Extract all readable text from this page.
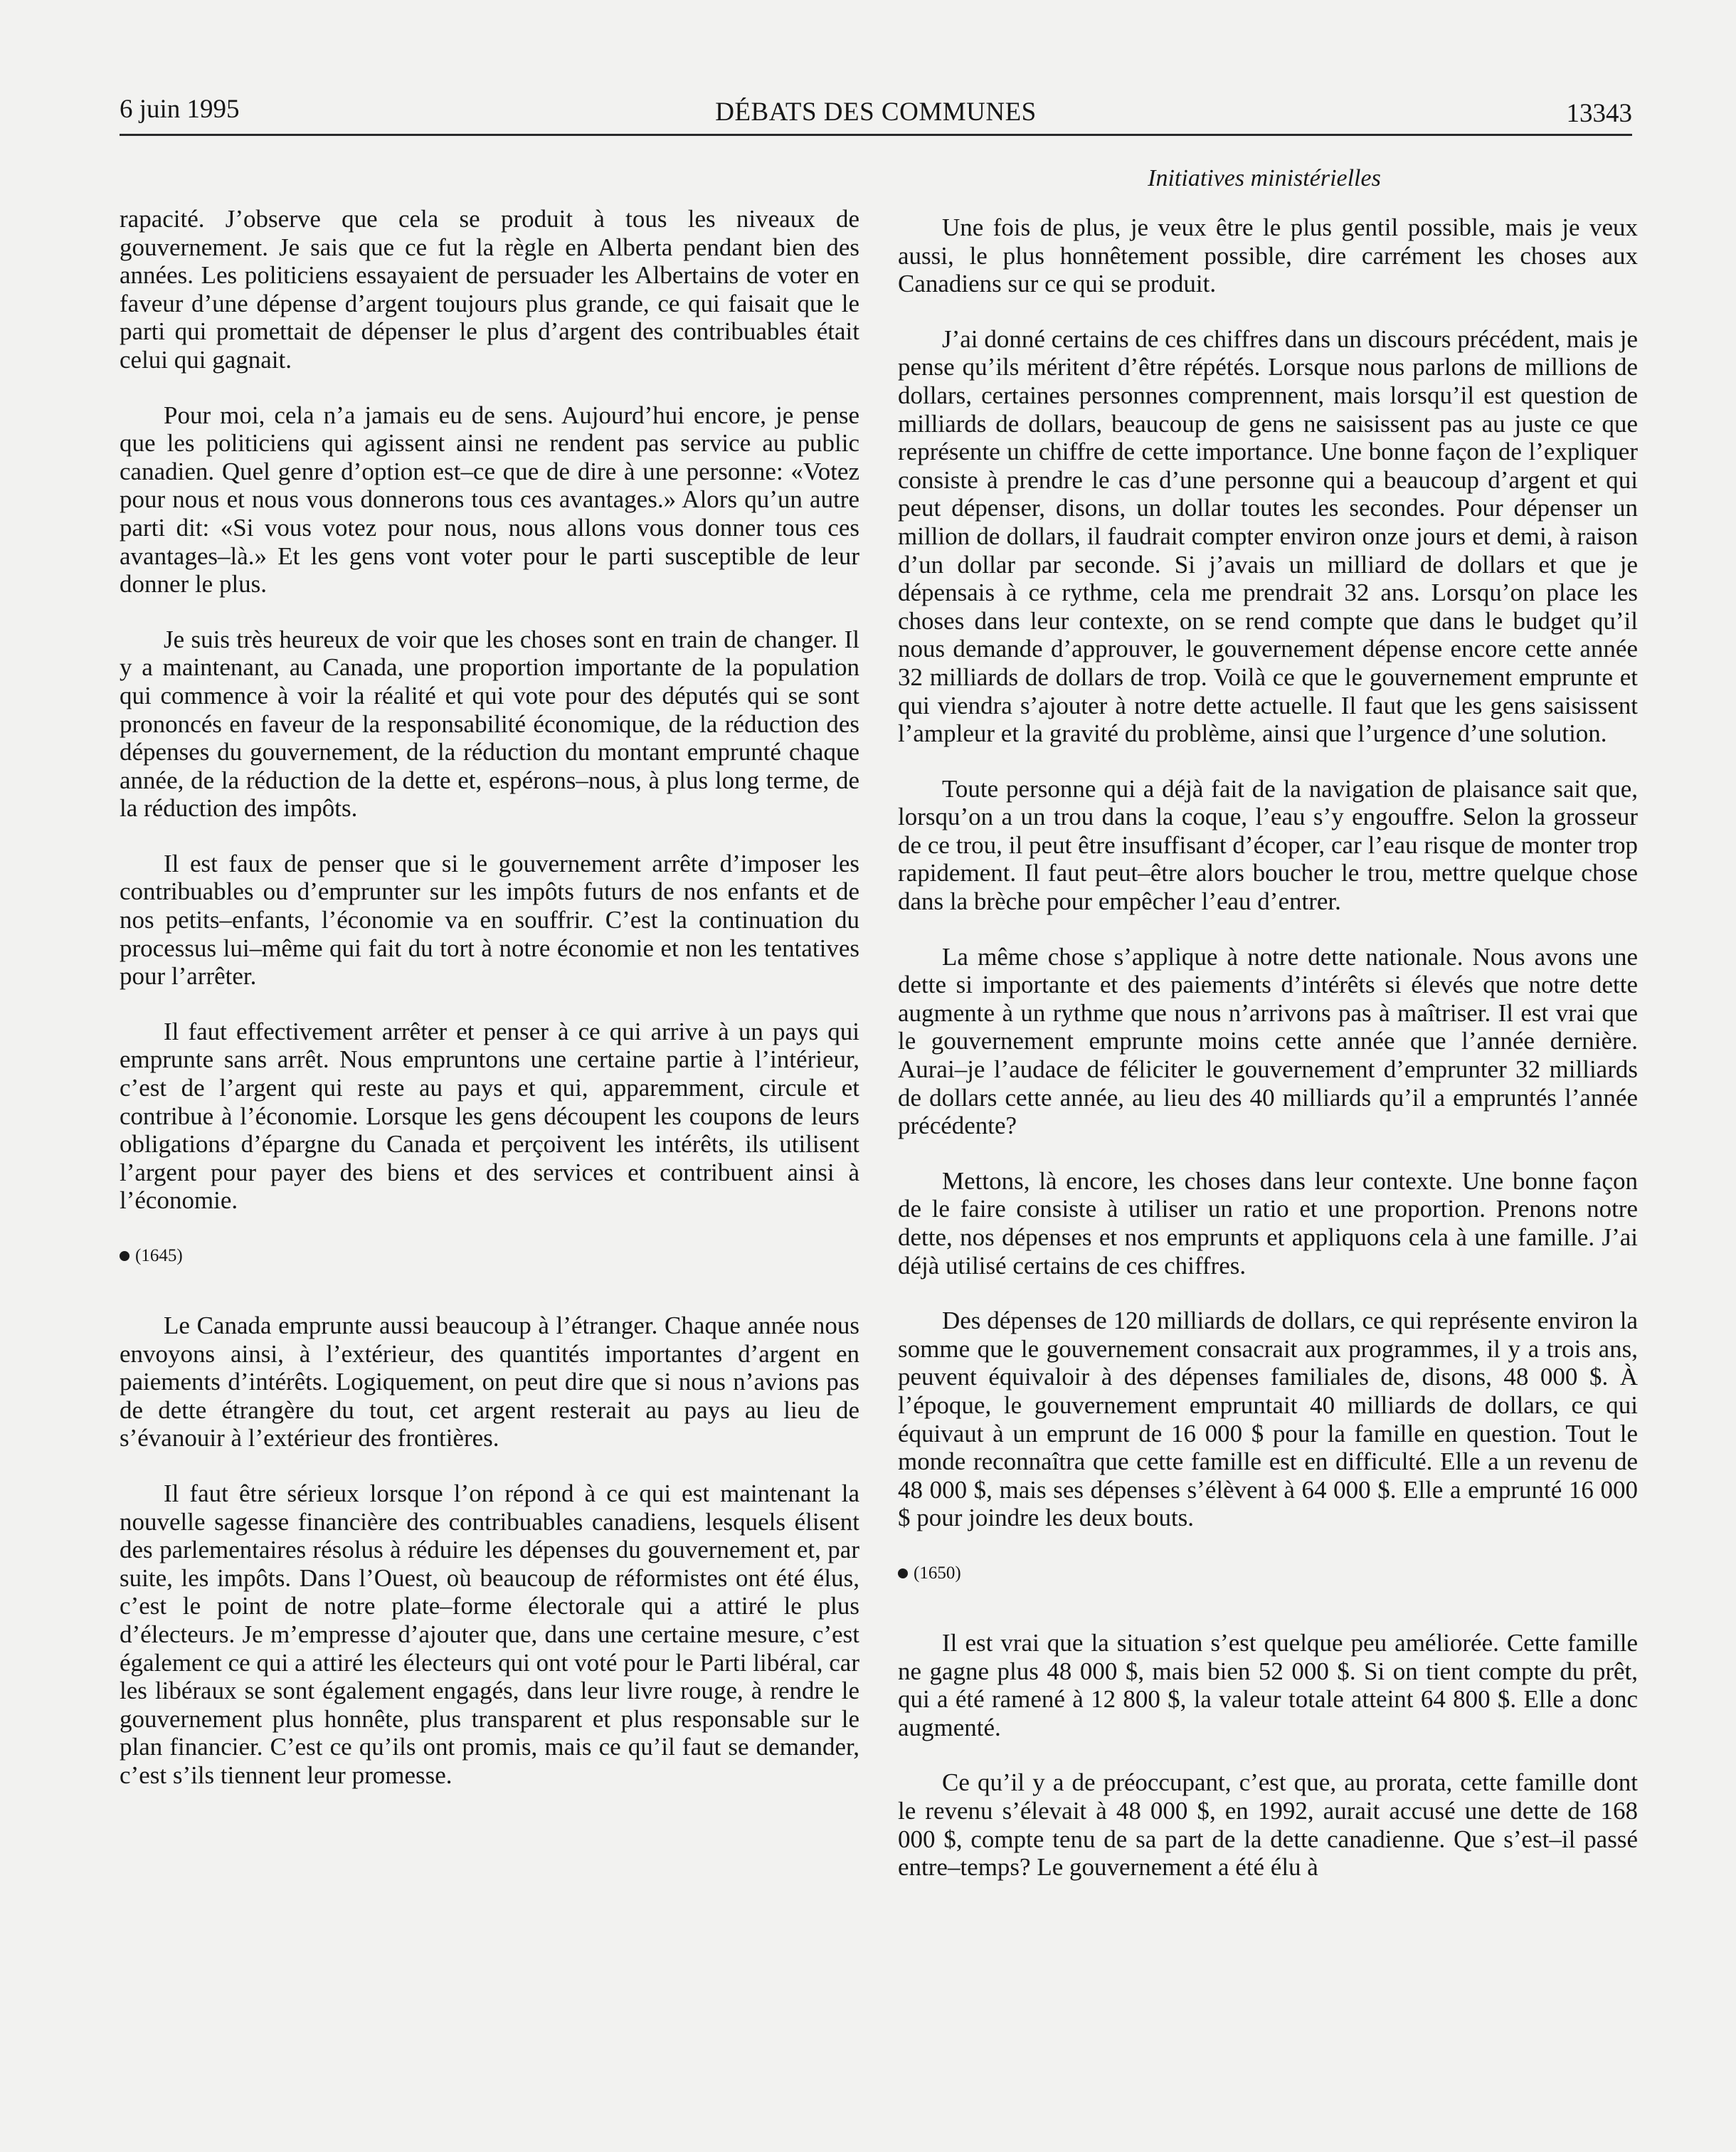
6 juin 1995	DÉBATS DES COMMUNES	13343
Initiatives ministérielles

rapacité. J’observe que cela se produit à tous les niveaux de gouvernement. Je sais que ce fut la règle en Alberta pendant bien des années. Les politiciens essayaient de persuader les Albertains de voter en faveur d’une dépense d’argent toujours plus grande, ce qui faisait que le parti qui promettait de dépenser le plus d’argent des contribuables était celui qui gagnait.

Pour moi, cela n’a jamais eu de sens. Aujourd’hui encore, je pense que les politiciens qui agissent ainsi ne rendent pas service au public canadien. Quel genre d’option est–ce que de dire à une personne: «Votez pour nous et nous vous donnerons tous ces avantages.» Alors qu’un autre parti dit: «Si vous votez pour nous, nous allons vous donner tous ces avantages–là.» Et les gens vont voter pour le parti susceptible de leur donner le plus.

Je suis très heureux de voir que les choses sont en train de changer. Il y a maintenant, au Canada, une proportion importante de la population qui commence à voir la réalité et qui vote pour des députés qui se sont prononcés en faveur de la responsabilité économique, de la réduction des dépenses du gouvernement, de la réduction du montant emprunté chaque année, de la réduction de la dette et, espérons–nous, à plus long terme, de la réduction des impôts.

Il est faux de penser que si le gouvernement arrête d’imposer les contribuables ou d’emprunter sur les impôts futurs de nos enfants et de nos petits–enfants, l’économie va en souffrir. C’est la continuation du processus lui–même qui fait du tort à notre économie et non les tentatives pour l’arrêter.

Il faut effectivement arrêter et penser à ce qui arrive à un pays qui emprunte sans arrêt. Nous empruntons une certaine partie à l’intérieur, c’est de l’argent qui reste au pays et qui, apparemment, circule et contribue à l’économie. Lorsque les gens découpent les coupons de leurs obligations d’épargne du Canada et perçoivent les intérêts, ils utilisent l’argent pour payer des biens et des services et contribuent ainsi à l’économie.

(1645)

Le Canada emprunte aussi beaucoup à l’étranger. Chaque année nous envoyons ainsi, à l’extérieur, des quantités importantes d’argent en paiements d’intérêts. Logiquement, on peut dire que si nous n’avions pas de dette étrangère du tout, cet argent resterait au pays au lieu de s’évanouir à l’extérieur des frontières.

Il faut être sérieux lorsque l’on répond à ce qui est maintenant la nouvelle sagesse financière des contribuables canadiens, lesquels élisent des parlementaires résolus à réduire les dépenses du gouvernement et, par suite, les impôts. Dans l’Ouest, où beaucoup de réformistes ont été élus, c’est le point de notre plate–forme électorale qui a attiré le plus d’électeurs. Je m’empresse d’ajouter que, dans une certaine mesure, c’est également ce qui a attiré les électeurs qui ont voté pour le Parti libéral, car les libéraux se sont également engagés, dans leur livre rouge, à rendre le gouvernement plus honnête, plus transparent et plus responsable sur le plan financier. C’est ce qu’ils ont promis, mais ce qu’il faut se demander, c’est s’ils tiennent leur promesse.

Une fois de plus, je veux être le plus gentil possible, mais je veux aussi, le plus honnêtement possible, dire carrément les choses aux Canadiens sur ce qui se produit.

J’ai donné certains de ces chiffres dans un discours précédent, mais je pense qu’ils méritent d’être répétés. Lorsque nous parlons de millions de dollars, certaines personnes comprennent, mais lorsqu’il est question de milliards de dollars, beaucoup de gens ne saisissent pas au juste ce que représente un chiffre de cette importance. Une bonne façon de l’expliquer consiste à prendre le cas d’une personne qui a beaucoup d’argent et qui peut dépenser, disons, un dollar toutes les secondes. Pour dépenser un million de dollars, il faudrait compter environ onze jours et demi, à raison d’un dollar par seconde. Si j’avais un milliard de dollars et que je dépensais à ce rythme, cela me prendrait 32 ans. Lorsqu’on place les choses dans leur contexte, on se rend compte que dans le budget qu’il nous demande d’approuver, le gouvernement dépense encore cette année 32 milliards de dollars de trop. Voilà ce que le gouvernement emprunte et qui viendra s’ajouter à notre dette actuelle. Il faut que les gens saisissent l’ampleur et la gravité du problème, ainsi que l’urgence d’une solution.

Toute personne qui a déjà fait de la navigation de plaisance sait que, lorsqu’on a un trou dans la coque, l’eau s’y engouffre. Selon la grosseur de ce trou, il peut être insuffisant d’écoper, car l’eau risque de monter trop rapidement. Il faut peut–être alors boucher le trou, mettre quelque chose dans la brèche pour empêcher l’eau d’entrer.

La même chose s’applique à notre dette nationale. Nous avons une dette si importante et des paiements d’intérêts si élevés que notre dette augmente à un rythme que nous n’arrivons pas à maîtriser. Il est vrai que le gouvernement emprunte moins cette année que l’année dernière. Aurai–je l’audace de féliciter le gouvernement d’emprunter 32 milliards de dollars cette année, au lieu des 40 milliards qu’il a empruntés l’année précédente?

Mettons, là encore, les choses dans leur contexte. Une bonne façon de le faire consiste à utiliser un ratio et une proportion. Prenons notre dette, nos dépenses et nos emprunts et appliquons cela à une famille. J’ai déjà utilisé certains de ces chiffres.

Des dépenses de 120 milliards de dollars, ce qui représente environ la somme que le gouvernement consacrait aux programmes, il y a trois ans, peuvent équivaloir à des dépenses familiales de, disons, 48 000 $. À l’époque, le gouvernement empruntait 40 milliards de dollars, ce qui équivaut à un emprunt de 16 000 $ pour la famille en question. Tout le monde reconnaîtra que cette famille est en difficulté. Elle a un revenu de 48 000 $, mais ses dépenses s’élèvent à 64 000 $. Elle a emprunté 16 000 $ pour joindre les deux bouts.

(1650)

Il est vrai que la situation s’est quelque peu améliorée. Cette famille ne gagne plus 48 000 $, mais bien 52 000 $. Si on tient compte du prêt, qui a été ramené à 12 800 $, la valeur totale atteint 64 800 $. Elle a donc augmenté.

Ce qu’il y a de préoccupant, c’est que, au prorata, cette famille dont le revenu s’élevait à 48 000 $, en 1992, aurait accusé une dette de 168 000 $, compte tenu de sa part de la dette canadienne. Que s’est–il passé entre–temps? Le gouvernement a été élu à
